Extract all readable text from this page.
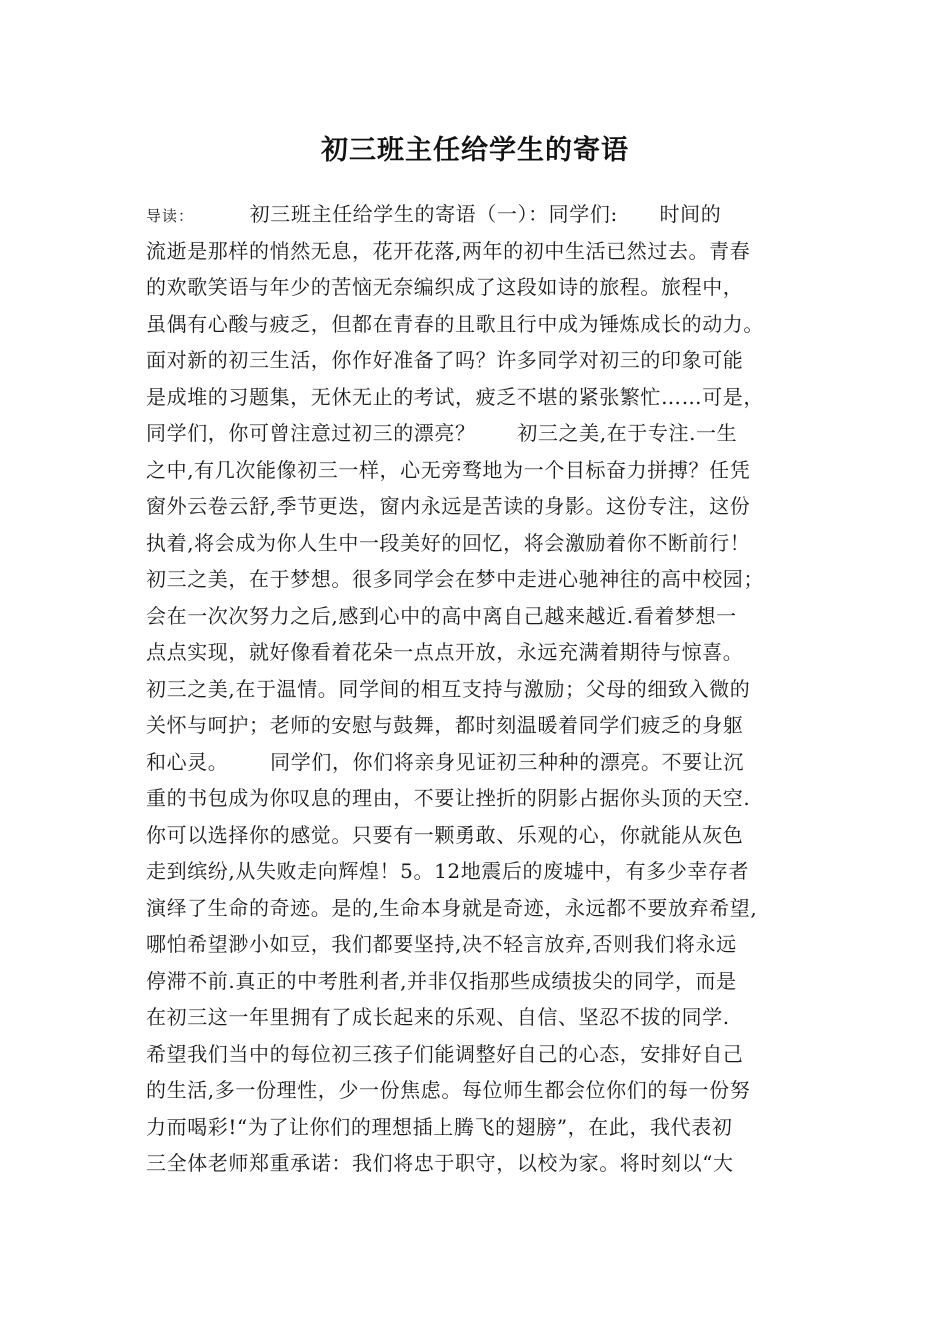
初三班主任给学生的寄语
导读：        初三班主任给学生的寄语（一）：同学们:      时间的
流逝是那样的悄然无息，花开花落,两年的初中生活已然过去。青春
的欢歌笑语与年少的苦恼无奈编织成了这段如诗的旅程。旅程中，
虽偶有心酸与疲乏，但都在青春的且歌且行中成为锤炼成长的动力。
面对新的初三生活，你作好准备了吗？许多同学对初三的印象可能
是成堆的习题集，无休无止的考试，疲乏不堪的紧张繁忙……可是，
同学们，你可曾注意过初三的漂亮？      初三之美,在于专注.一生
之中,有几次能像初三一样，心无旁骛地为一个目标奋力拼搏？任凭
窗外云卷云舒,季节更迭，窗内永远是苦读的身影。这份专注，这份
执着,将会成为你人生中一段美好的回忆，将会激励着你不断前行！
初三之美，在于梦想。很多同学会在梦中走进心驰神往的高中校园；
会在一次次努力之后,感到心中的高中离自己越来越近.看着梦想一
点点实现，就好像看着花朵一点点开放，永远充满着期待与惊喜。
初三之美,在于温情。同学间的相互支持与激励；父母的细致入微的
关怀与呵护；老师的安慰与鼓舞，都时刻温暖着同学们疲乏的身躯
和心灵。      同学们，你们将亲身见证初三种种的漂亮。不要让沉
重的书包成为你叹息的理由，不要让挫折的阴影占据你头顶的天空.
你可以选择你的感觉。只要有一颗勇敢、乐观的心，你就能从灰色
走到缤纷,从失败走向辉煌！5。12地震后的废墟中，有多少幸存者
演绎了生命的奇迹。是的,生命本身就是奇迹，永远都不要放弃希望,
哪怕希望渺小如豆，我们都要坚持,决不轻言放弃,否则我们将永远
停滞不前.真正的中考胜利者,并非仅指那些成绩拔尖的同学，而是
在初三这一年里拥有了成长起来的乐观、自信、坚忍不拔的同学.
希望我们当中的每位初三孩子们能调整好自己的心态，安排好自己
的生活,多一份理性，少一份焦虑。每位师生都会位你们的每一份努
力而喝彩!“为了让你们的理想插上腾飞的翅膀”，在此，我代表初
三全体老师郑重承诺：我们将忠于职守，以校为家。将时刻以“大
